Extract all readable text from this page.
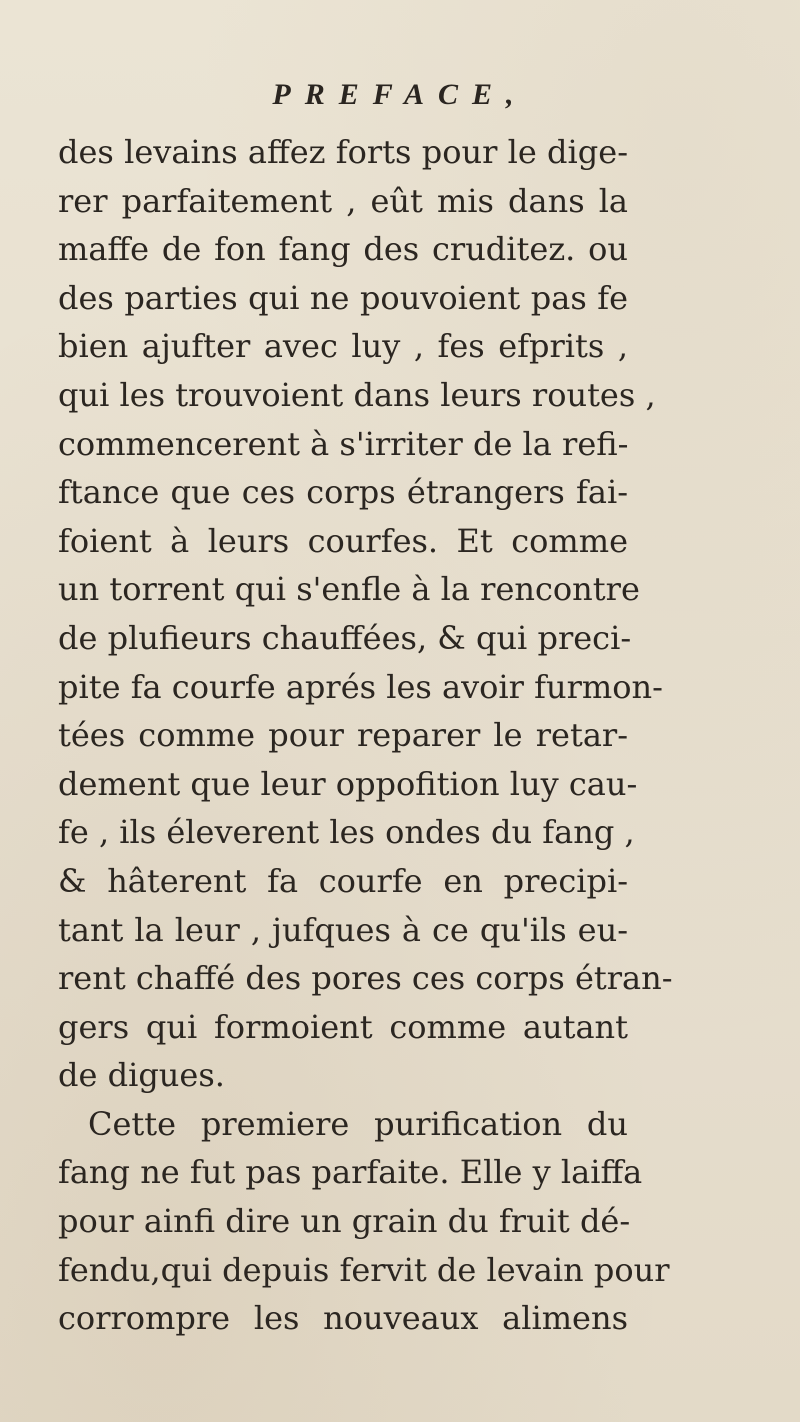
PREFACE,
des levains affez forts pour le dige-
rer parfaitement , eût mis dans la
maffe de fon fang des cruditez. ou
des parties qui ne pouvoient pas fe
bien ajufter avec luy , fes efprits ,
qui les trouvoient dans leurs routes ,
commencerent à s'irriter de la refi-
ftance que ces corps étrangers fai-
foient à leurs courfes. Et comme
un torrent qui s'enfle à la rencontre
de plufieurs chauffées, & qui preci-
pite fa courfe aprés les avoir furmon-
tées comme pour reparer le retar-
dement que leur oppofition luy cau-
fe , ils éleverent les ondes du fang ,
& hâterent fa courfe en precipi-
tant la leur , jufques à ce qu'ils eu-
rent chaffé des pores ces corps étran-
gers qui formoient comme autant
de digues.
Cette premiere purification du
fang ne fut pas parfaite. Elle y laiffa
pour ainfi dire un grain du fruit dé-
fendu,qui depuis fervit de levain pour
corrompre les nouveaux alimens
